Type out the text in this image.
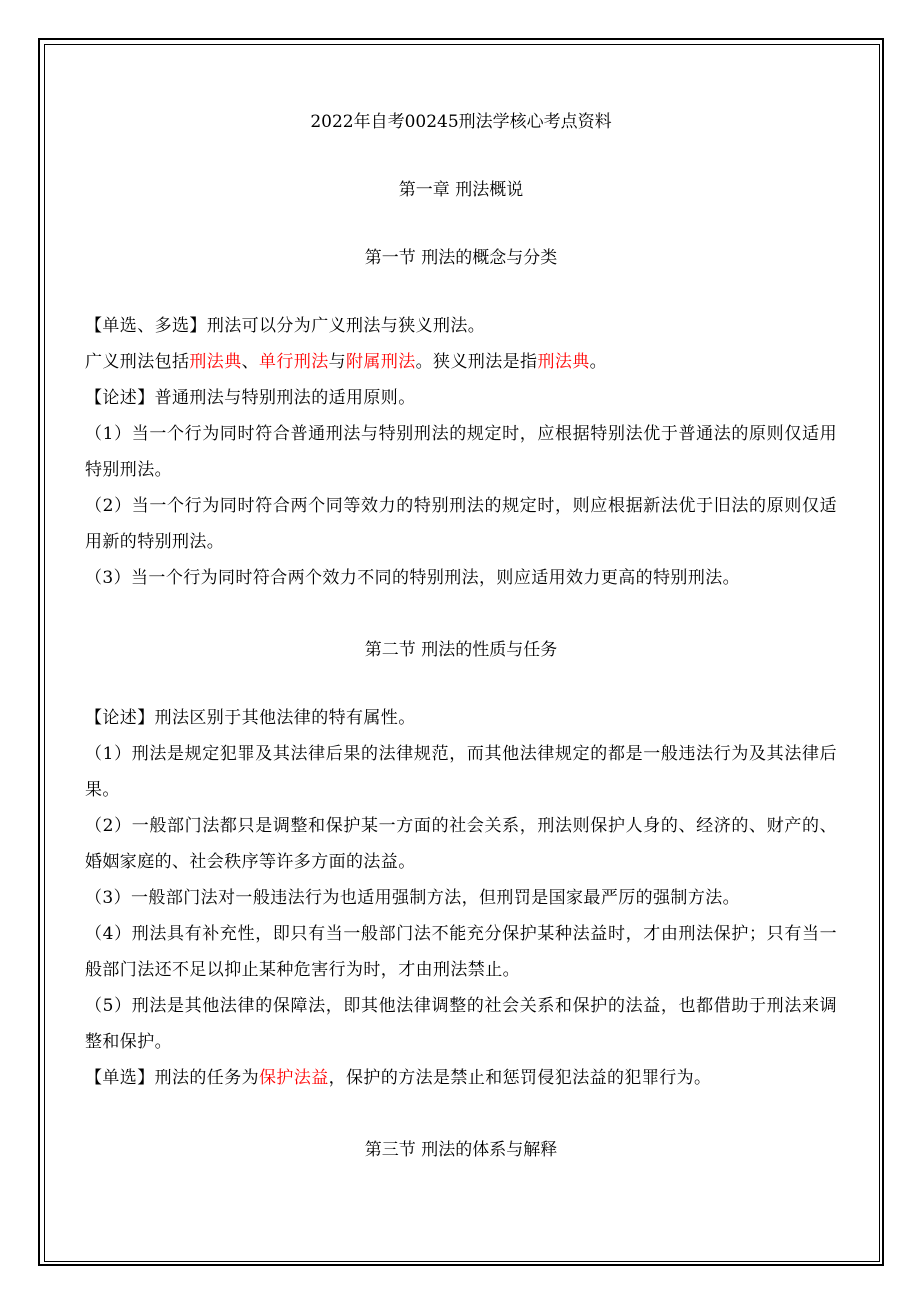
2022年自考00245刑法学核心考点资料

第一章 刑法概说

第一节 刑法的概念与分类

【单选、多选】刑法可以分为广义刑法与狭义刑法。

广义刑法包括刑法典、单行刑法与附属刑法。狭义刑法是指刑法典。

【论述】普通刑法与特别刑法的适用原则。

（1）当一个行为同时符合普通刑法与特别刑法的规定时，应根据特别法优于普通法的原则仅适用特别刑法。

（2）当一个行为同时符合两个同等效力的特别刑法的规定时，则应根据新法优于旧法的原则仅适用新的特别刑法。

（3）当一个行为同时符合两个效力不同的特别刑法，则应适用效力更高的特别刑法。

第二节 刑法的性质与任务

【论述】刑法区别于其他法律的特有属性。

（1）刑法是规定犯罪及其法律后果的法律规范，而其他法律规定的都是一般违法行为及其法律后果。

（2）一般部门法都只是调整和保护某一方面的社会关系，刑法则保护人身的、经济的、财产的、婚姻家庭的、社会秩序等许多方面的法益。

（3）一般部门法对一般违法行为也适用强制方法，但刑罚是国家最严厉的强制方法。

（4）刑法具有补充性，即只有当一般部门法不能充分保护某种法益时，才由刑法保护；只有当一般部门法还不足以抑止某种危害行为时，才由刑法禁止。

（5）刑法是其他法律的保障法，即其他法律调整的社会关系和保护的法益，也都借助于刑法来调整和保护。

【单选】刑法的任务为保护法益，保护的方法是禁止和惩罚侵犯法益的犯罪行为。

第三节 刑法的体系与解释
